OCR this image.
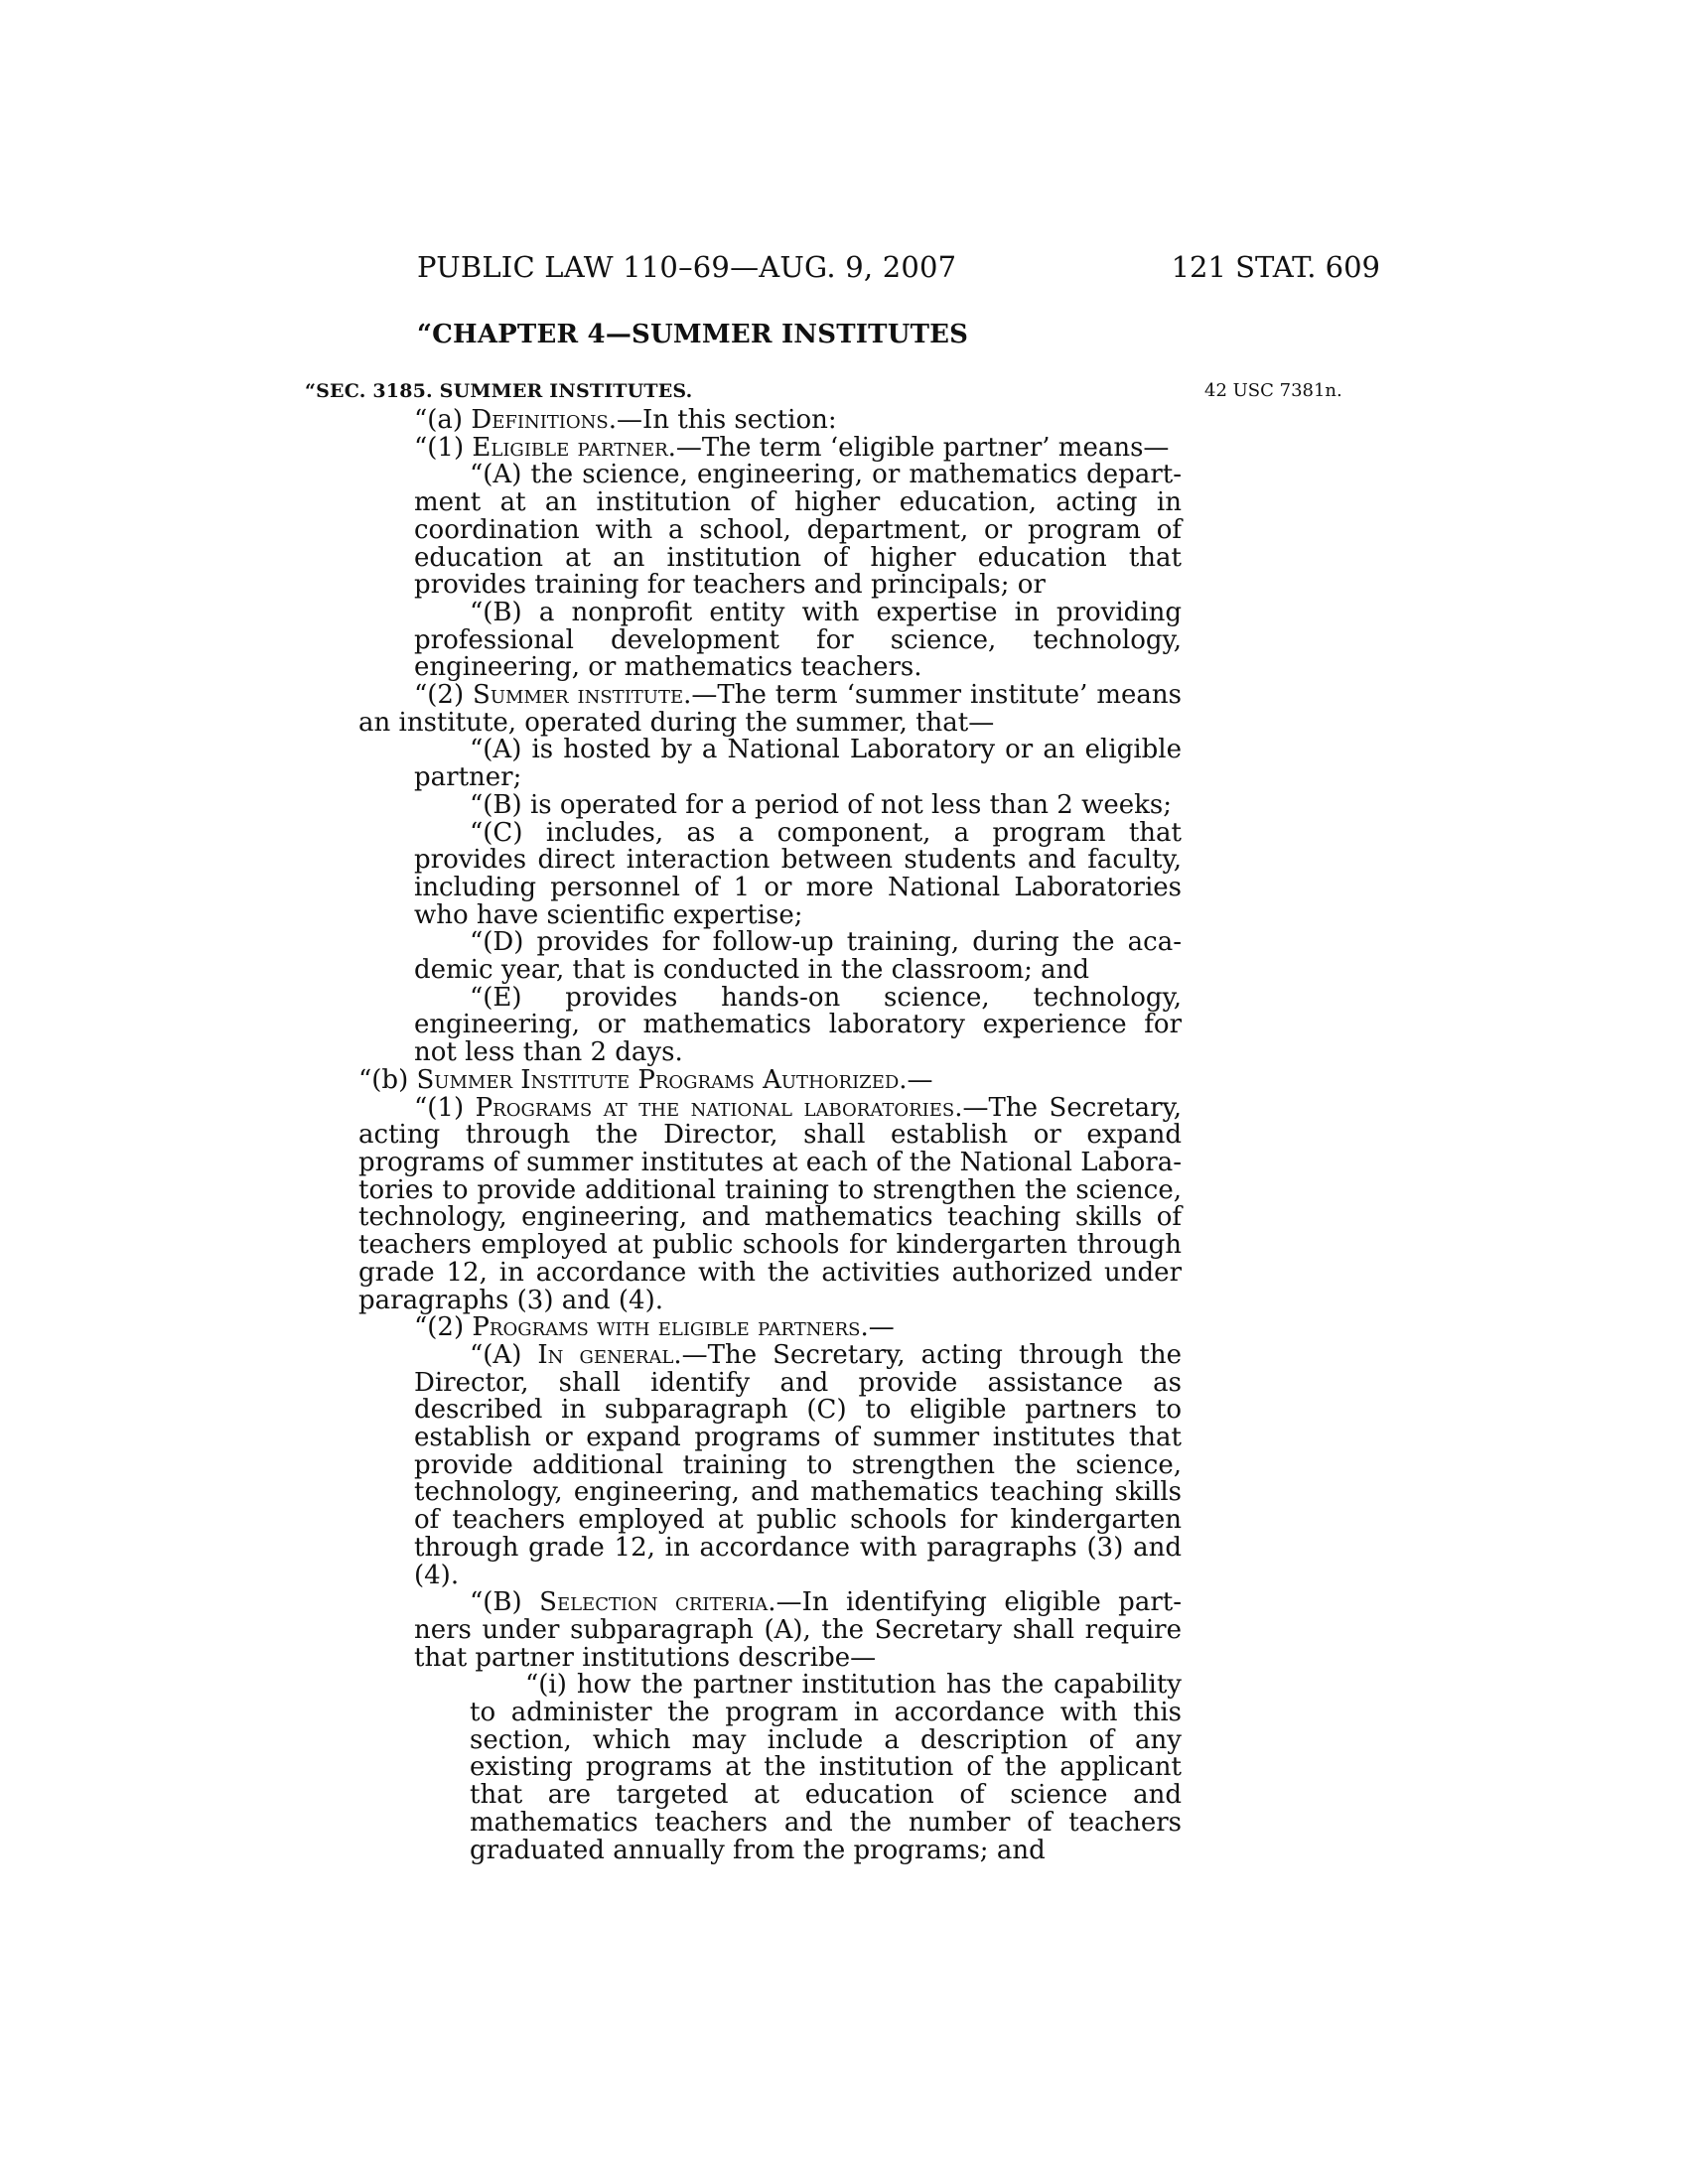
PUBLIC LAW 110–69—AUG. 9, 2007	121 STAT. 609
“CHAPTER 4—SUMMER INSTITUTES
“SEC. 3185. SUMMER INSTITUTES.	42 USC 7381n.

“(a) Definitions.—In this section:

“(1) Eligible partner.—The term ‘eligible partner’ means—

“(A) the science, engineering, or mathematics department at an institution of higher education, acting in coordination with a school, department, or program of education at an institution of higher education that provides training for teachers and principals; or

“(B) a nonprofit entity with expertise in providing professional development for science, technology, engineering, or mathematics teachers.

“(2) Summer institute.—The term ‘summer institute’ means an institute, operated during the summer, that—

“(A) is hosted by a National Laboratory or an eligible partner;

“(B) is operated for a period of not less than 2 weeks;

“(C) includes, as a component, a program that provides direct interaction between students and faculty, including personnel of 1 or more National Laboratories who have scientific expertise;

“(D) provides for follow-up training, during the academic year, that is conducted in the classroom; and

“(E) provides hands-on science, technology, engineering, or mathematics laboratory experience for not less than 2 days.

“(b) Summer Institute Programs Authorized.—

“(1) Programs at the national laboratories.—The Secretary, acting through the Director, shall establish or expand programs of summer institutes at each of the National Laboratories to provide additional training to strengthen the science, technology, engineering, and mathematics teaching skills of teachers employed at public schools for kindergarten through grade 12, in accordance with the activities authorized under paragraphs (3) and (4).

“(2) Programs with eligible partners.—

“(A) In general.—The Secretary, acting through the Director, shall identify and provide assistance as described in subparagraph (C) to eligible partners to establish or expand programs of summer institutes that provide additional training to strengthen the science, technology, engineering, and mathematics teaching skills of teachers employed at public schools for kindergarten through grade 12, in accordance with paragraphs (3) and (4).

“(B) Selection criteria.—In identifying eligible partners under subparagraph (A), the Secretary shall require that partner institutions describe—

“(i) how the partner institution has the capability to administer the program in accordance with this section, which may include a description of any existing programs at the institution of the applicant that are targeted at education of science and mathematics teachers and the number of teachers graduated annually from the programs; and
